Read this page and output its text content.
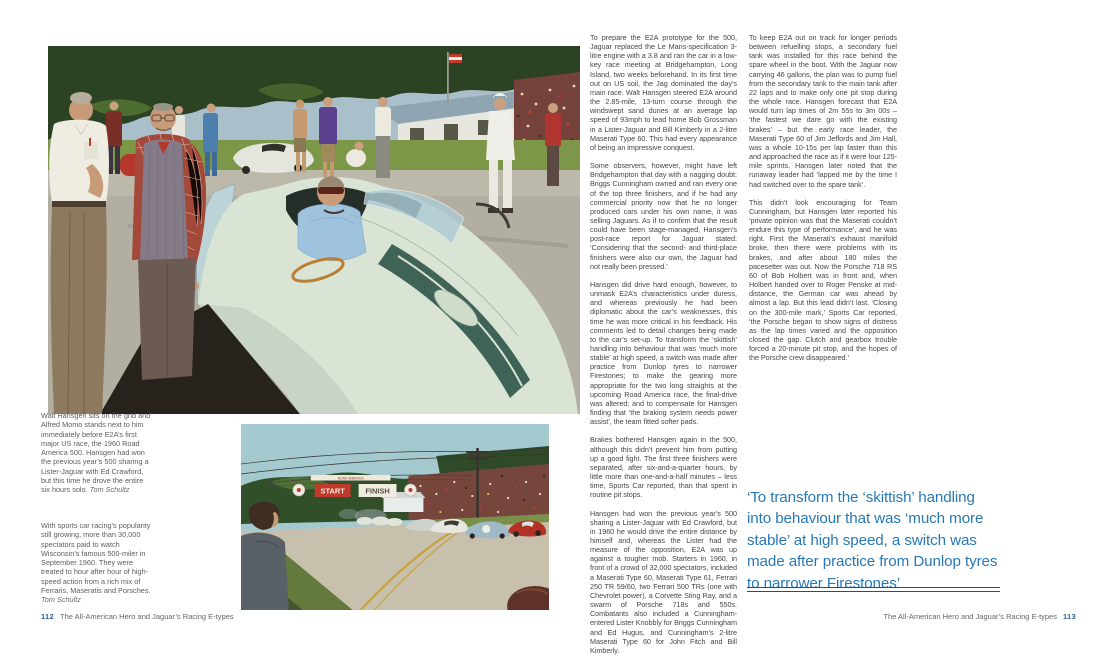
ROAD AMERICA
START	FINISH

Walt Hansgen sits on the grid and Alfred Momo stands next to him immediately before E2A’s first major US race, the 1960 Road America 500. Hansgen had won the previous year’s 500 sharing a Lister-Jaguar with Ed Crawford, but this time he drove the entire six hours solo. Tom Schultz

With sports car racing’s popularity still growing, more than 30,000 spectators paid to watch Wisconsin’s famous 500-miler in September 1960. They were treated to hour after hour of high-speed action from a rich mix of Ferraris, Maseratis and Porsches. Tom Schultz

112 The All-American Hero and Jaguar’s Racing E-types

To prepare the E2A prototype for the 500, Jaguar replaced the Le Mans-specification 3-litre engine with a 3.8 and ran the car in a low-key race meeting at Bridgehampton, Long Island, two weeks beforehand. In its first time out on US soil, the Jag dominated the day’s main race. Walt Hansgen steered E2A around the 2.85-mile, 13-turn course through the windswept sand dunes at an average lap speed of 93mph to lead home Bob Grossman in a Lister-Jaguar and Bill Kimberly in a 2-litre Maserati Type 60. This had every appearance of being an impressive conquest.

Some observers, however, might have left Bridgehampton that day with a nagging doubt: Briggs Cunningham owned and ran every one of the top three finishers, and if he had any commercial priority now that he no longer produced cars under his own name, it was selling Jaguars. As if to confirm that the result could have been stage-managed, Hansgen’s post-race report for Jaguar stated: ‘Considering that the second- and third-place finishers were also our own, the Jaguar had not really been pressed.’

Hansgen did drive hard enough, however, to unmask E2A’s characteristics under duress, and whereas previously he had been diplomatic about the car’s weaknesses, this time he was more critical in his feedback. His comments led to detail changes being made to the car’s set-up. To transform the ‘skittish’ handling into behaviour that was ‘much more stable’ at high speed, a switch was made after practice from Dunlop tyres to narrower Firestones; to make the gearing more appropriate for the two long straights at the upcoming Road America race, the final-drive was altered; and to compensate for Hansgen finding that ‘the braking system needs power assist’, the team fitted softer pads.

Brakes bothered Hansgen again in the 500, although this didn’t prevent him from putting up a good fight. The first three finishers were separated, after six-and-a-quarter hours, by little more than one-and-a-half minutes – less time, Sports Car reported, than that spent in routine pit stops.

Hansgen had won the previous year’s 500 sharing a Lister-Jaguar with Ed Crawford, but in 1960 he would drive the entire distance by himself and, whereas the Lister had the measure of the opposition, E2A was up against a tougher mob. Starters in 1960, in front of a crowd of 32,000 spectators, included a Maserati Type 60, Maserati Type 61, Ferrari 250 TR 59/60, two Ferrari 500 TRs (one with Chevrolet power), a Corvette Sting Ray, and a swarm of Porsche 718s and 550s. Combatants also included a Cunningham-entered Lister Knobbly for Briggs Cunningham and Ed Hugus, and Cunningham’s 2-litre Maserati Type 60 for John Fitch and Bill Kimberly.

To keep E2A out on track for longer periods between refuelling stops, a secondary fuel tank was installed for this race behind the spare wheel in the boot. With the Jaguar now carrying 46 gallons, the plan was to pump fuel from the secondary tank to the main tank after 22 laps and to make only one pit stop during the whole race. Hansgen forecast that E2A would turn lap times of 2m 55s to 3m 00s – ‘the fastest we dare go with the existing brakes’ – but the early race leader, the Maserati Type 60 of Jim Jeffords and Jim Hall, was a whole 10-15s per lap faster than this and approached the race as if it were four 125-mile sprints. Hansgen later noted that the runaway leader had ‘lapped me by the time I had switched over to the spare tank’.

This didn’t look encouraging for Team Cunningham, but Hansgen later reported his ‘private opinion was that the Maserati couldn’t endure this type of performance’, and he was right. First the Maserati’s exhaust manifold broke, then there were problems with its brakes, and after about 180 miles the pacesetter was out. Now the Porsche 718 RS 60 of Bob Holbert was in front and, when Holbert handed over to Roger Penske at mid-distance, the German car was ahead by almost a lap. But this lead didn’t last. ‘Closing on the 300-mile mark,’ Sports Car reported, ‘the Porsche began to show signs of distress as the lap times varied and the opposition closed the gap. Clutch and gearbox trouble forced a 20-minute pit stop, and the hopes of the Porsche crew disappeared.’

‘To transform the ‘skittish’ handling into behaviour that was ‘much more stable’ at high speed, a switch was made after practice from Dunlop tyres to narrower Firestones’
The All-American Hero and Jaguar’s Racing E-types 113
